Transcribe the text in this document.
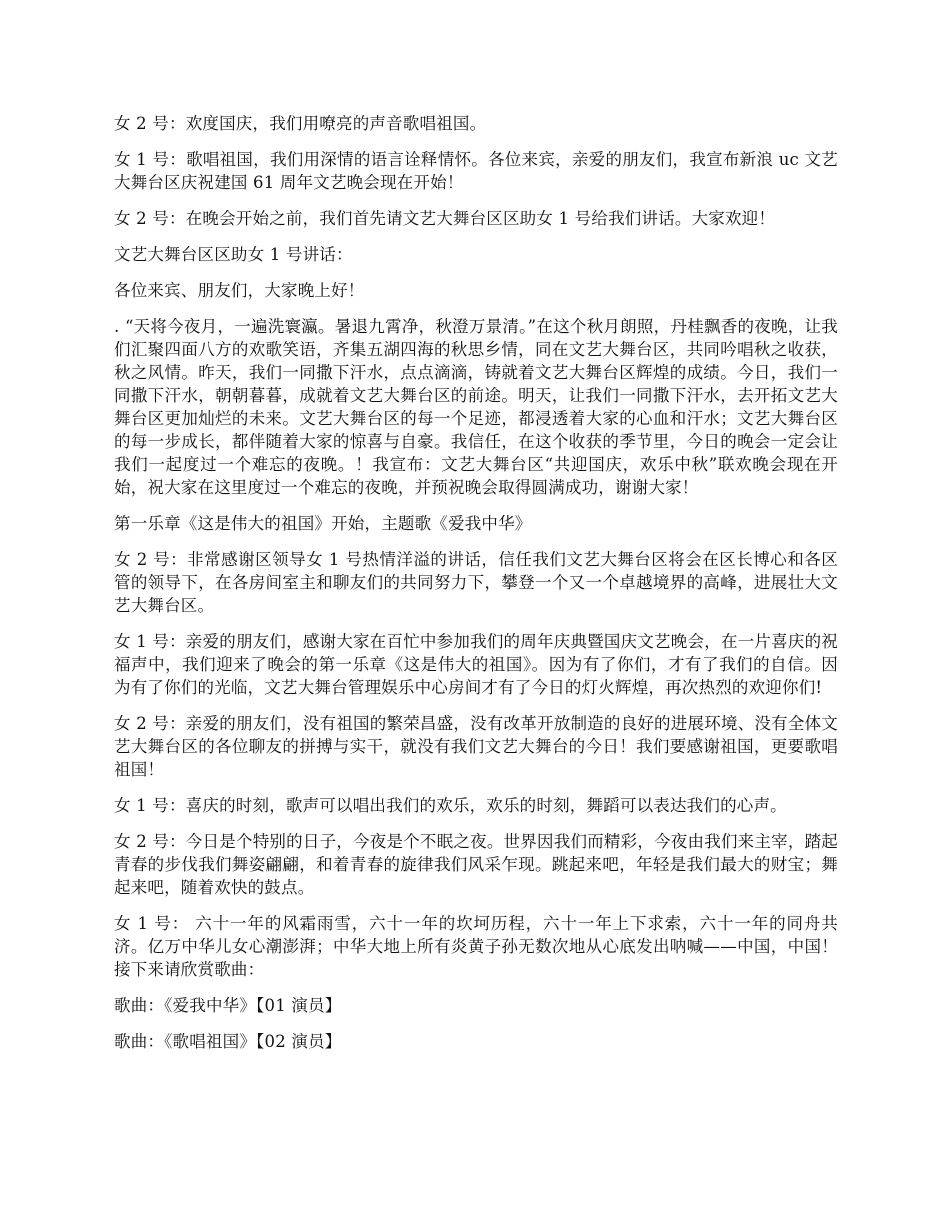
女 2 号：欢度国庆，我们用嘹亮的声音歌唱祖国。

女 1 号：歌唱祖国，我们用深情的语言诠释情怀。各位来宾，亲爱的朋友们，我宣布新浪 uc 文艺大舞台区庆祝建国 61 周年文艺晚会现在开始！

女 2 号：在晚会开始之前，我们首先请文艺大舞台区区助女 1 号给我们讲话。大家欢迎！

文艺大舞台区区助女 1 号讲话：

各位来宾、朋友们，大家晚上好！

. “天将今夜月，一遍洗寰瀛。暑退九霄净，秋澄万景清。”在这个秋月朗照，丹桂飘香的夜晚，让我们汇聚四面八方的欢歌笑语，齐集五湖四海的秋思乡情，同在文艺大舞台区，共同吟唱秋之收获，秋之风情。昨天，我们一同撒下汗水，点点滴滴，铸就着文艺大舞台区辉煌的成绩。今日，我们一同撒下汗水，朝朝暮暮，成就着文艺大舞台区的前途。明天，让我们一同撒下汗水，去开拓文艺大舞台区更加灿烂的未来。文艺大舞台区的每一个足迹，都浸透着大家的心血和汗水；文艺大舞台区的每一步成长，都伴随着大家的惊喜与自豪。我信任，在这个收获的季节里，今日的晚会一定会让我们一起度过一个难忘的夜晚。！我宣布：文艺大舞台区“共迎国庆，欢乐中秋”联欢晚会现在开始，祝大家在这里度过一个难忘的夜晚，并预祝晚会取得圆满成功，谢谢大家！

第一乐章《这是伟大的祖国》开始，主题歌《爱我中华》

女 2 号：非常感谢区领导女 1 号热情洋溢的讲话，信任我们文艺大舞台区将会在区长博心和各区管的领导下，在各房间室主和聊友们的共同努力下，攀登一个又一个卓越境界的高峰，进展壮大文艺大舞台区。

女 1 号：亲爱的朋友们，感谢大家在百忙中参加我们的周年庆典暨国庆文艺晚会，在一片喜庆的祝福声中，我们迎来了晚会的第一乐章《这是伟大的祖国》。因为有了你们，才有了我们的自信。因为有了你们的光临，文艺大舞台管理娱乐中心房间才有了今日的灯火辉煌，再次热烈的欢迎你们!

女 2 号：亲爱的朋友们，没有祖国的繁荣昌盛，没有改革开放制造的良好的进展环境、没有全体文艺大舞台区的各位聊友的拼搏与实干，就没有我们文艺大舞台的今日！我们要感谢祖国，更要歌唱祖国！

女 1 号：喜庆的时刻，歌声可以唱出我们的欢乐，欢乐的时刻，舞蹈可以表达我们的心声。

女 2 号：今日是个特别的日子，今夜是个不眠之夜。世界因我们而精彩，今夜由我们来主宰，踏起青春的步伐我们舞姿翩翩，和着青春的旋律我们风采乍现。跳起来吧，年轻是我们最大的财宝；舞起来吧，随着欢快的鼓点。

女 1 号： 六十一年的风霜雨雪，六十一年的坎坷历程，六十一年上下求索，六十一年的同舟共济。亿万中华儿女心潮澎湃；中华大地上所有炎黄子孙无数次地从心底发出呐喊——中国，中国！接下来请欣赏歌曲：

歌曲：《爱我中华》【01 演员】

歌曲：《歌唱祖国》【02 演员】
